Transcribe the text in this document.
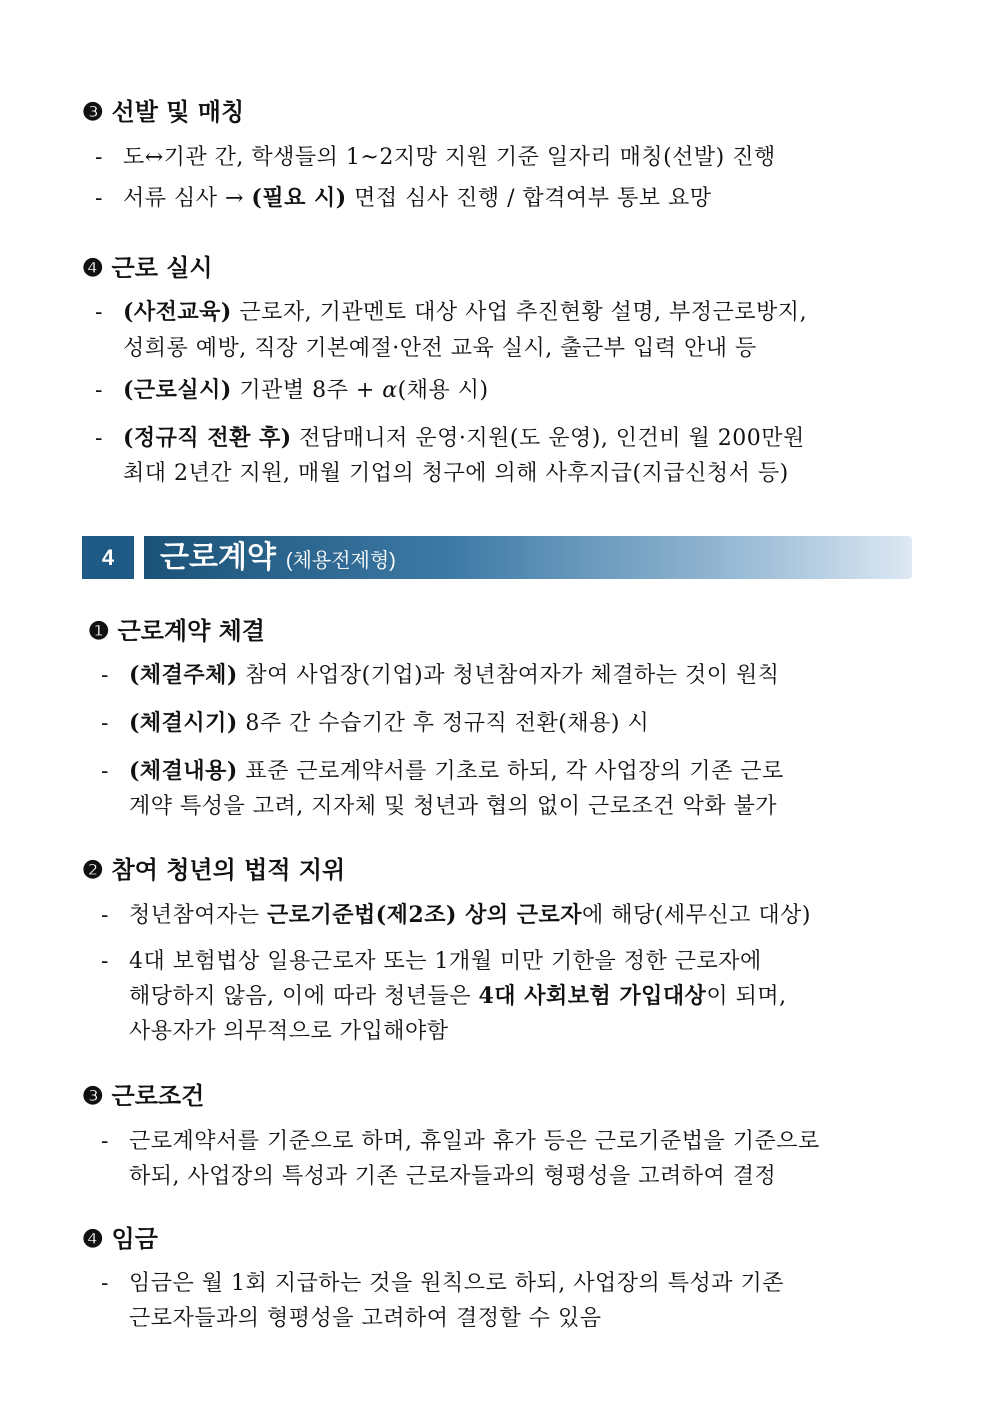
❸ 선발 및 매칭
- 도↔기관 간, 학생들의 1~2지망 지원 기준 일자리 매칭(선발) 진행
- 서류 심사 → (필요 시) 면접 심사 진행 / 합격여부 통보 요망
❹ 근로 실시
- (사전교육) 근로자, 기관멘토 대상 사업 추진현황 설명, 부정근로방지,
성희롱 예방, 직장 기본예절·안전 교육 실시, 출근부 입력 안내 등
- (근로실시) 기관별 8주 + α(채용 시)
- (정규직 전환 후) 전담매니저 운영·지원(도 운영), 인건비 월 200만원
최대 2년간 지원, 매월 기업의 청구에 의해 사후지급(지급신청서 등)
4	근로계약 (체용전제형)
❶ 근로계약 체결
- (체결주체) 참여 사업장(기업)과 청년참여자가 체결하는 것이 원칙
- (체결시기) 8주 간 수습기간 후 정규직 전환(채용) 시
- (체결내용) 표준 근로계약서를 기초로 하되, 각 사업장의 기존 근로
계약 특성을 고려, 지자체 및 청년과 협의 없이 근로조건 악화 불가
❷ 참여 청년의 법적 지위
- 청년참여자는 근로기준법(제2조) 상의 근로자에 해당(세무신고 대상)
- 4대 보험법상 일용근로자 또는 1개월 미만 기한을 정한 근로자에
해당하지 않음, 이에 따라 청년들은 4대 사회보험 가입대상이 되며,
사용자가 의무적으로 가입해야함
❸ 근로조건
- 근로계약서를 기준으로 하며, 휴일과 휴가 등은 근로기준법을 기준으로
하되, 사업장의 특성과 기존 근로자들과의 형평성을 고려하여 결정
❹ 임금
- 임금은 월 1회 지급하는 것을 원칙으로 하되, 사업장의 특성과 기존
근로자들과의 형평성을 고려하여 결정할 수 있음
